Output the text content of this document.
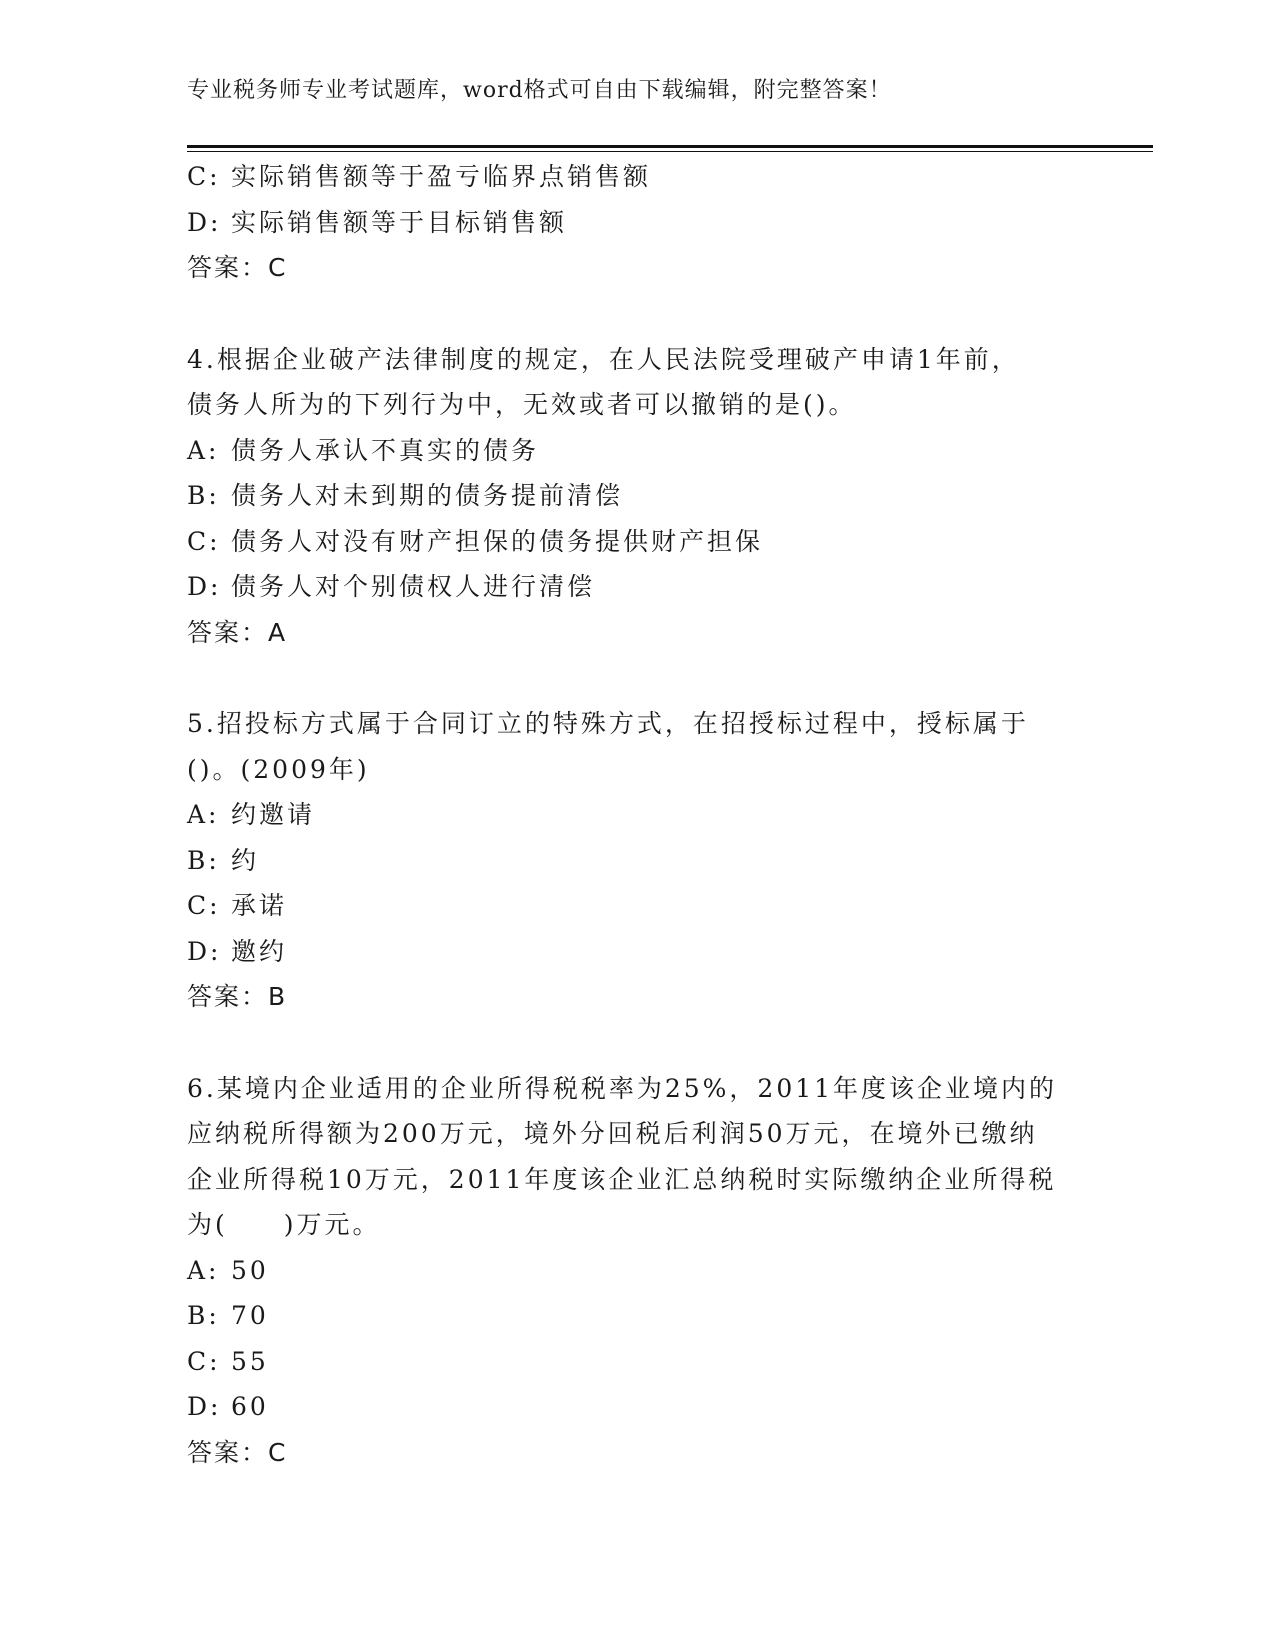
专业税务师专业考试题库，word格式可自由下载编辑，附完整答案！
C: 实际销售额等于盈亏临界点销售额
D: 实际销售额等于目标销售额
答案：C
4.根据企业破产法律制度的规定，在人民法院受理破产申请1年前，
债务人所为的下列行为中，无效或者可以撤销的是()。
A: 债务人承认不真实的债务
B: 债务人对未到期的债务提前清偿
C: 债务人对没有财产担保的债务提供财产担保
D: 债务人对个别债权人进行清偿
答案：A
5.招投标方式属于合同订立的特殊方式，在招授标过程中，授标属于
()。(2009年)
A: 约邀请
B: 约
C: 承诺
D: 邀约
答案：B
6.某境内企业适用的企业所得税税率为25%，2011年度该企业境内的
应纳税所得额为200万元，境外分回税后利润50万元，在境外已缴纳
企业所得税10万元，2011年度该企业汇总纳税时实际缴纳企业所得税
为(　　)万元。
A: 50
B: 70
C: 55
D: 60
答案：C
